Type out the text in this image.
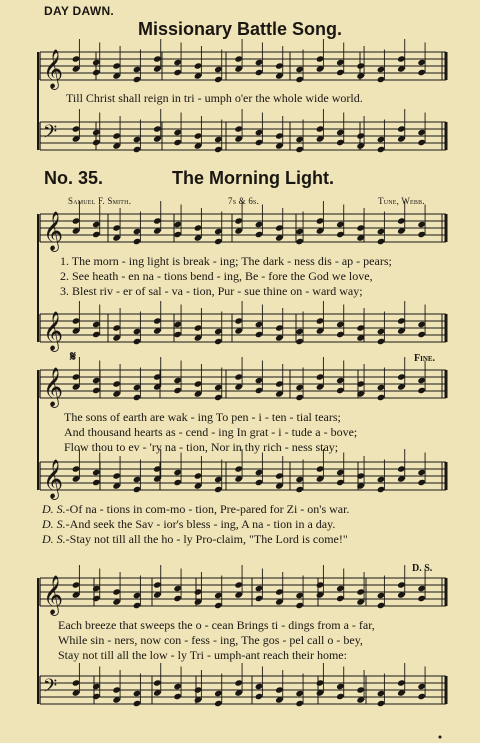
𝄞
𝄢
𝄞
𝄞
𝄞
𝄞
𝄞
𝄢
DAY DAWN.
Missionary Battle Song.
Till Christ shall reign in tri - umph o'er the whole wide world.
No. 35.	The Morning Light.
Samuel F. Smith.	7s & 6s.	Tune, Webb.
1. The morn - ing light is break - ing; The dark - ness dis - ap - pears;
2. See heath - en na - tions bend - ing, Be - fore the God we love,
3. Blest riv - er of sal - va - tion, Pur - sue thine on - ward way;
𝄋	Fine.
The sons of earth are wak - ing To pen - i - ten - tial tears;
And thousand hearts as - cend - ing In grat - i - tude a - bove;
Flow thou to ev - 'ry na - tion, Nor in thy rich - ness stay;
D. S.-Of na - tions in com-mo - tion, Pre-pared for Zi - on's war.
D. S.-And seek the Sav - ior's bless - ing, A na - tion in a day.
D. S.-Stay not till all the ho - ly Pro-claim, "The Lord is come!"
D. S.
Each breeze that sweeps the o - cean Brings ti - dings from a - far,
While sin - ners, now con - fess - ing, The gos - pel call o - bey,
Stay not till all the low - ly Tri - umph-ant reach their home:
